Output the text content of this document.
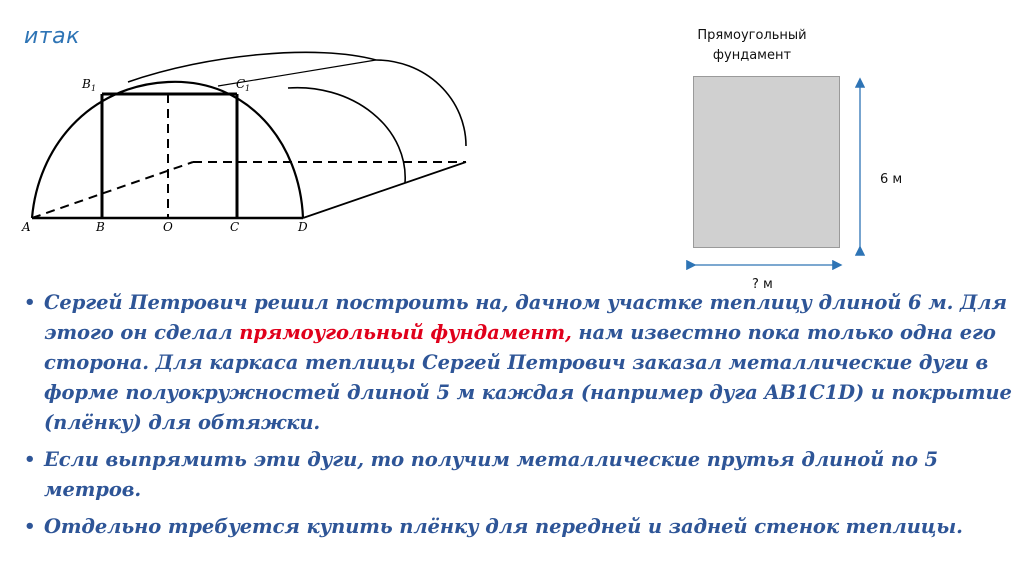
итак
A	B	O	C	D
B 1	C 1
Прямоугольный фундамент
6 м
? м
• Сергей Петрович решил построить на, дачном участке теплицу длиной 6 м. Для этого он сделал прямоугольный фундамент, нам известно пока только одна его сторона. Для каркаса теплицы Сергей Петрович заказал металлические дуги в форме полуокружностей длиной 5 м каждая (например дуга AB1C1D) и покрытие (плёнку) для обтяжки.
• Если выпрямить эти дуги, то получим металлические прутья длиной по 5 метров.
• Отдельно требуется купить плёнку для передней и задней стенок теплицы.
